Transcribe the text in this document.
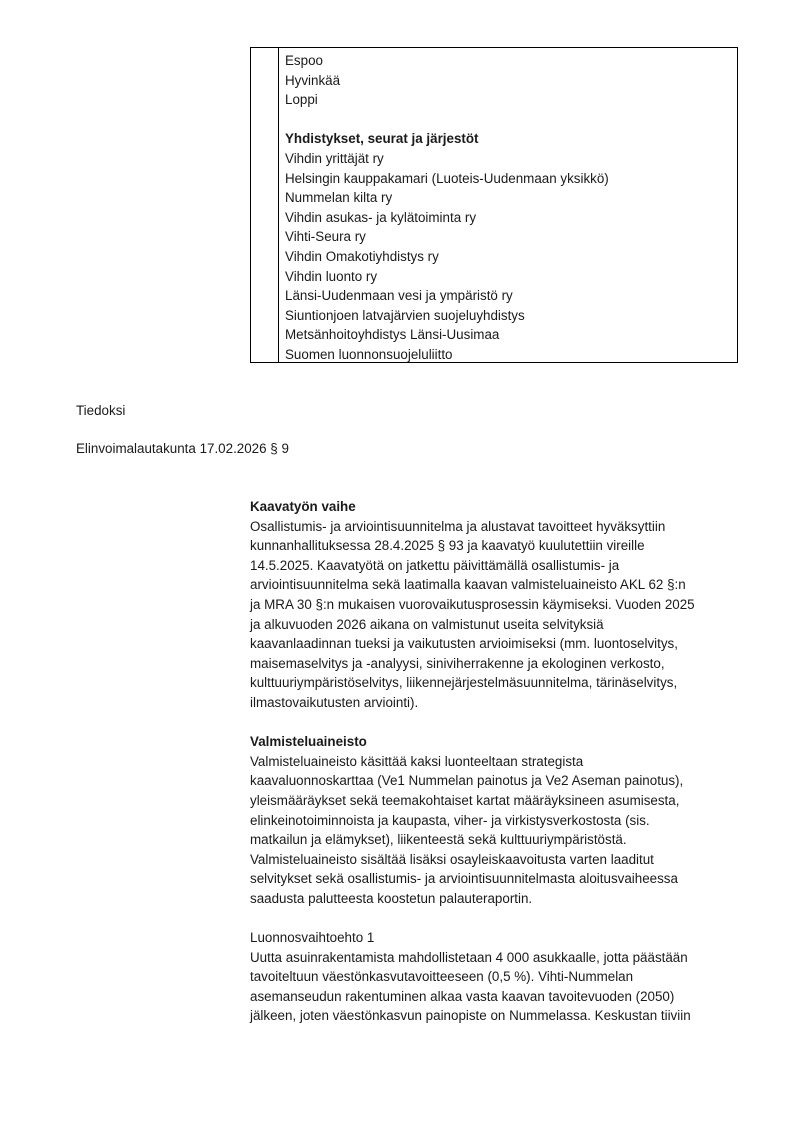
Espoo
Hyvinkää
Loppi
Yhdistykset, seurat ja järjestöt
Vihdin yrittäjät ry
Helsingin kauppakamari (Luoteis-Uudenmaan yksikkö)
Nummelan kilta ry
Vihdin asukas- ja kylätoiminta ry
Vihti-Seura ry
Vihdin Omakotiyhdistys ry
Vihdin luonto ry
Länsi-Uudenmaan vesi ja ympäristö ry
Siuntionjoen latvajärvien suojeluyhdistys
Metsänhoitoyhdistys Länsi-Uusimaa
Suomen luonnonsuojeluliitto
Tiedoksi
Elinvoimalautakunta 17.02.2026 § 9
Kaavatyön vaihe
Osallistumis- ja arviointisuunnitelma ja alustavat tavoitteet hyväksyttiin
kunnanhallituksessa 28.4.2025 § 93 ja kaavatyö kuulutettiin vireille
14.5.2025. Kaavatyötä on jatkettu päivittämällä osallistumis- ja
arviointisuunnitelma sekä laatimalla kaavan valmisteluaineisto AKL 62 §:n
ja MRA 30 §:n mukaisen vuorovaikutusprosessin käymiseksi. Vuoden 2025
ja alkuvuoden 2026 aikana on valmistunut useita selvityksiä
kaavanlaadinnan tueksi ja vaikutusten arvioimiseksi (mm. luontoselvitys,
maisemaselvitys ja -analyysi, siniviherrakenne ja ekologinen verkosto,
kulttuuriympäristöselvitys, liikennejärjestelmäsuunnitelma, tärinäselvitys,
ilmastovaikutusten arviointi).
Valmisteluaineisto
Valmisteluaineisto käsittää kaksi luonteeltaan strategista
kaavaluonnoskarttaa (Ve1 Nummelan painotus ja Ve2 Aseman painotus),
yleismääräykset sekä teemakohtaiset kartat määräyksineen asumisesta,
elinkeinotoiminnoista ja kaupasta, viher- ja virkistysverkostosta (sis.
matkailun ja elämykset), liikenteestä sekä kulttuuriympäristöstä.
Valmisteluaineisto sisältää lisäksi osayleiskaavoitusta varten laaditut
selvitykset sekä osallistumis- ja arviointisuunnitelmasta aloitusvaiheessa
saadusta palutteesta koostetun palauteraportin.
Luonnosvaihtoehto 1
Uutta asuinrakentamista mahdollistetaan 4 000 asukkaalle, jotta päästään
tavoiteltuun väestönkasvutavoitteeseen (0,5 %). Vihti-Nummelan
asemanseudun rakentuminen alkaa vasta kaavan tavoitevuoden (2050)
jälkeen, joten väestönkasvun painopiste on Nummelassa. Keskustan tiiviin
